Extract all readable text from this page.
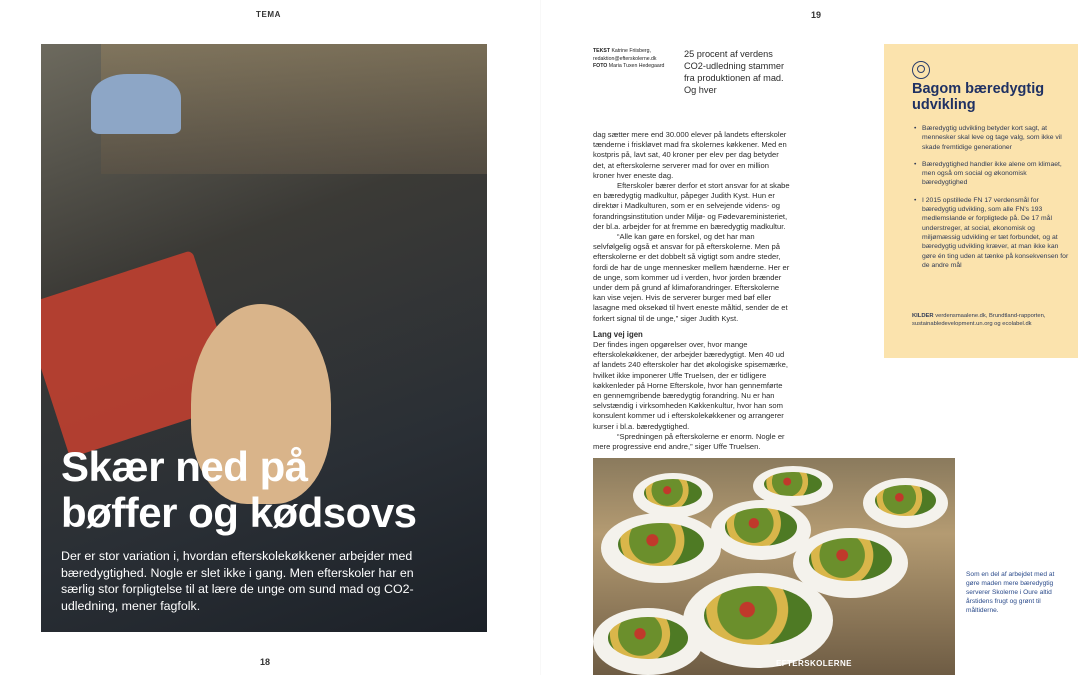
TEMA
Skær ned på
bøffer og kødsovs
Der er stor variation i, hvordan efterskolekøkkener arbejder med bæredygtighed. Nogle er slet ikke i gang. Men efterskoler har en særlig stor forpligtelse til at lære de unge om sund mad og CO2-udledning, mener fagfolk.
18
19
TEKST Katrine Friisberg,
redaktion@efterskolerne.dk
FOTO Maria Tuxen Hedegaard
25 procent af verdens CO2-udledning stammer fra produktionen af mad. Og hver

dag sætter mere end 30.000 elever på landets efterskoler tænderne i friskløvet mad fra skolernes køkkener. Med en kostpris på, lavt sat, 40 kroner per elev per dag betyder det, at efterskolerne serverer mad for over en million kroner hver eneste dag.

Efterskoler bærer derfor et stort ansvar for at skabe en bæredygtig madkultur, påpeger Judith Kyst. Hun er direktør i Madkulturen, som er en selvejende videns- og forandringsinstitution under Miljø- og Fødevareministeriet, der bl.a. arbejder for at fremme en bæredygtig madkultur.

“Alle kan gøre en forskel, og det har man selvfølgelig også et ansvar for på efterskolerne. Men på efterskolerne er det dobbelt så vigtigt som andre steder, fordi de har de unge mennesker mellem hænderne. Her er de unge, som kommer ud i verden, hvor jorden brænder under dem på grund af klimaforandringer. Efterskolerne kan vise vejen. Hvis de serverer burger med bøf eller lasagne med oksekød til hvert eneste måltid, sender de et forkert signal til de unge,” siger Judith Kyst.

Lang vej igen

Der findes ingen opgørelser over, hvor mange efterskolekøkkener, der arbejder bæredygtigt. Men 40 ud af landets 240 efterskoler har det økologiske spisemærke, hvilket ikke imponerer Uffe Truelsen, der er tidligere køkkenleder på Horne Efterskole, hvor han gennemførte en gennemgribende bæredygtig forandring. Nu er han selvstændig i virksomheden Køkkenkultur, hvor han som konsulent kommer ud i efterskolekøkkener og arrangerer kurser i bl.a. bæredygtighed.

“Spredningen på efterskolerne er enorm. Nogle er mere progressive end andre,” siger Uffe Truelsen.

Bagom bæredygtig udvikling
• Bæredygtig udvikling betyder kort sagt, at mennesker skal leve og tage valg, som ikke vil skade fremtidige generationer
• Bæredygtighed handler ikke alene om klimaet, men også om social og økonomisk bæredygtighed
• I 2015 opstillede FN 17 verdensmål for bæredygtig udvikling, som alle FN's 193 medlemslande er forpligtede på. De 17 mål understreger, at social, økonomisk og miljømæssig udvikling er tæt forbundet, og at bæredygtig udvikling kræver, at man ikke kan gøre én ting uden at tænke på konsekvensen for de andre mål
KILDER verdensmaalene.dk, Brundtland-rapporten, sustainabledevelopment.un.org og ecolabel.dk
Som en del af arbejdet med at gøre maden mere bæredygtig serverer Skolerne i Oure altid årstidens frugt og grønt til måltiderne.
EFTERSKOLERNE
